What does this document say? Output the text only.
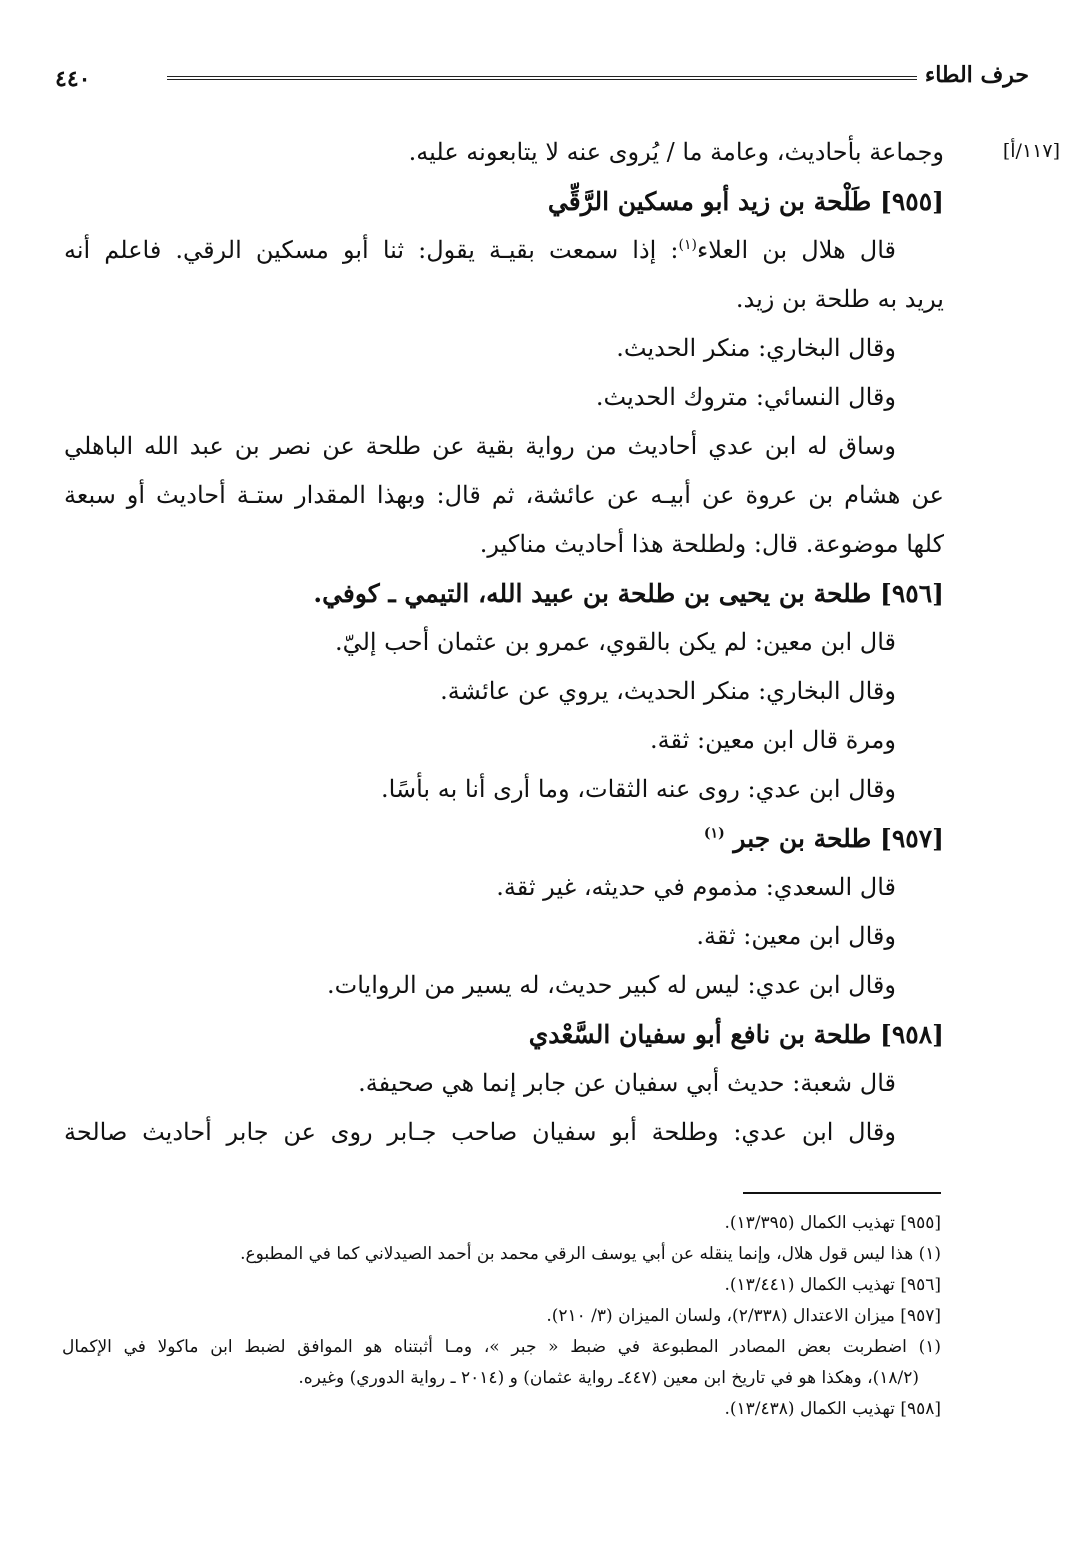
حرف الطاء
٤٤٠
[١١٧/أ]
وجماعة بأحاديث، وعامة ما / يُروى عنه لا يتابعونه عليه.
[٩٥٥] طَلْحة بن زيد أبو مسكين الرَّقِّي
قال هلال بن العلاء$^{(١)}$: إذا سمعت بقيـة يقول: ثنا أبو مسكين الرقي. فاعلم أنه
يريد به طلحة بن زيد.
وقال البخاري: منكر الحديث.
وقال النسائي: متروك الحديث.
وساق له ابن عدي أحاديث من رواية بقية عن طلحة عن نصر بن عبد الله الباهلي
عن هشام بن عروة عن أبيـه عن عائشة، ثم قال: وبهذا المقدار ستـة أحاديث أو سبعة
كلها موضوعة. قال: ولطلحة هذا أحاديث مناكير.
[٩٥٦] طلحة بن يحيى بن طلحة بن عبيد الله، التيمي ـ كوفي.
قال ابن معين: لم يكن بالقوي، عمرو بن عثمان أحب إليّ.
وقال البخاري: منكر الحديث، يروي عن عائشة.
ومرة قال ابن معين: ثقة.
وقال ابن عدي: روى عنه الثقات، وما أرى أنا به بأسًا.
[٩٥٧] طلحة بن جبر $^{(١)}$
قال السعدي: مذموم في حديثه، غير ثقة.
وقال ابن معين: ثقة.
وقال ابن عدي: ليس له كبير حديث، له يسير من الروايات.
[٩٥٨] طلحة بن نافع أبو سفيان السَّعْدي
قال شعبة: حديث أبي سفيان عن جابر إنما هي صحيفة.
وقال ابن عدي: وطلحة أبو سفيان صاحب جـابر روى عن جابر أحاديث صالحة
[٩٥٥] تهذيب الكمال (١٣/٣٩٥).
(١) هذا ليس قول هلال، وإنما ينقله عن أبي يوسف الرقي محمد بن أحمد الصيدلاني كما في المطبوع.
[٩٥٦] تهذيب الكمال (١٣/٤٤١).
[٩٥٧] ميزان الاعتدال (٢/٣٣٨)، ولسان الميزان (٣/ ٢١٠).
(١) اضطربت بعض المصادر المطبوعة في ضبط « جبر »، ومـا أثبتناه هو الموافق لضبط ابن ماكولا في الإكمال
(١٨/٢)، وهكذا هو في تاريخ ابن معين (٤٤٧ـ رواية عثمان) و (٢٠١٤ ـ رواية الدوري) وغيره.
[٩٥٨] تهذيب الكمال (١٣/٤٣٨).
